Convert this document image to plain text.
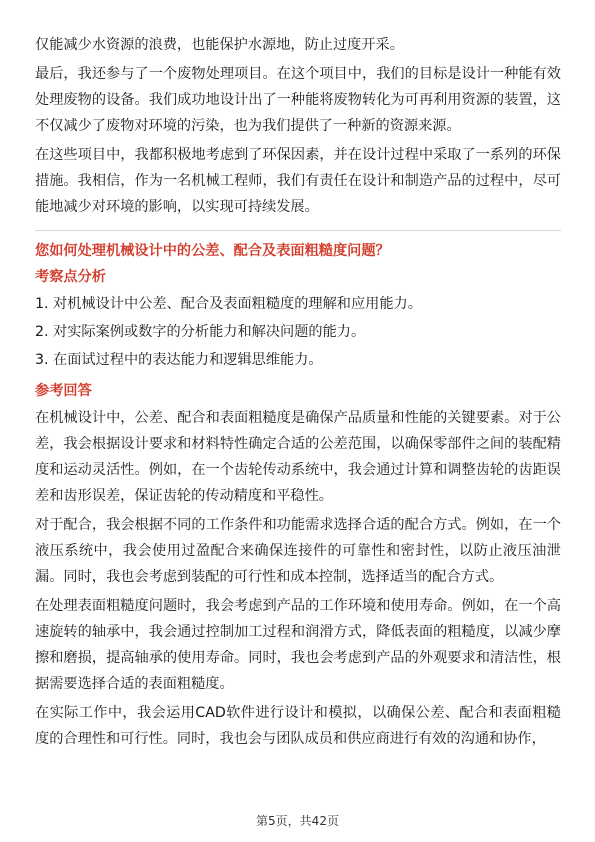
仅能减少水资源的浪费，也能保护水源地，防止过度开采。

最后，我还参与了一个废物处理项目。在这个项目中，我们的目标是设计一种能有效处理废物的设备。我们成功地设计出了一种能将废物转化为可再利用资源的装置，这不仅减少了废物对环境的污染，也为我们提供了一种新的资源来源。

在这些项目中，我都积极地考虑到了环保因素，并在设计过程中采取了一系列的环保措施。我相信，作为一名机械工程师，我们有责任在设计和制造产品的过程中，尽可能地减少对环境的影响，以实现可持续发展。

您如何处理机械设计中的公差、配合及表面粗糙度问题？
考察点分析
1. 对机械设计中公差、配合及表面粗糙度的理解和应用能力。
2. 对实际案例或数字的分析能力和解决问题的能力。
3. 在面试过程中的表达能力和逻辑思维能力。
参考回答

在机械设计中，公差、配合和表面粗糙度是确保产品质量和性能的关键要素。对于公差，我会根据设计要求和材料特性确定合适的公差范围，以确保零部件之间的装配精度和运动灵活性。例如，在一个齿轮传动系统中，我会通过计算和调整齿轮的齿距误差和齿形误差，保证齿轮的传动精度和平稳性。

对于配合，我会根据不同的工作条件和功能需求选择合适的配合方式。例如，在一个液压系统中，我会使用过盈配合来确保连接件的可靠性和密封性，以防止液压油泄漏。同时，我也会考虑到装配的可行性和成本控制，选择适当的配合方式。

在处理表面粗糙度问题时，我会考虑到产品的工作环境和使用寿命。例如，在一个高速旋转的轴承中，我会通过控制加工过程和润滑方式，降低表面的粗糙度，以减少摩擦和磨损，提高轴承的使用寿命。同时，我也会考虑到产品的外观要求和清洁性，根据需要选择合适的表面粗糙度。

在实际工作中，我会运用CAD软件进行设计和模拟，以确保公差、配合和表面粗糙度的合理性和可行性。同时，我也会与团队成员和供应商进行有效的沟通和协作，

第5页，共42页
